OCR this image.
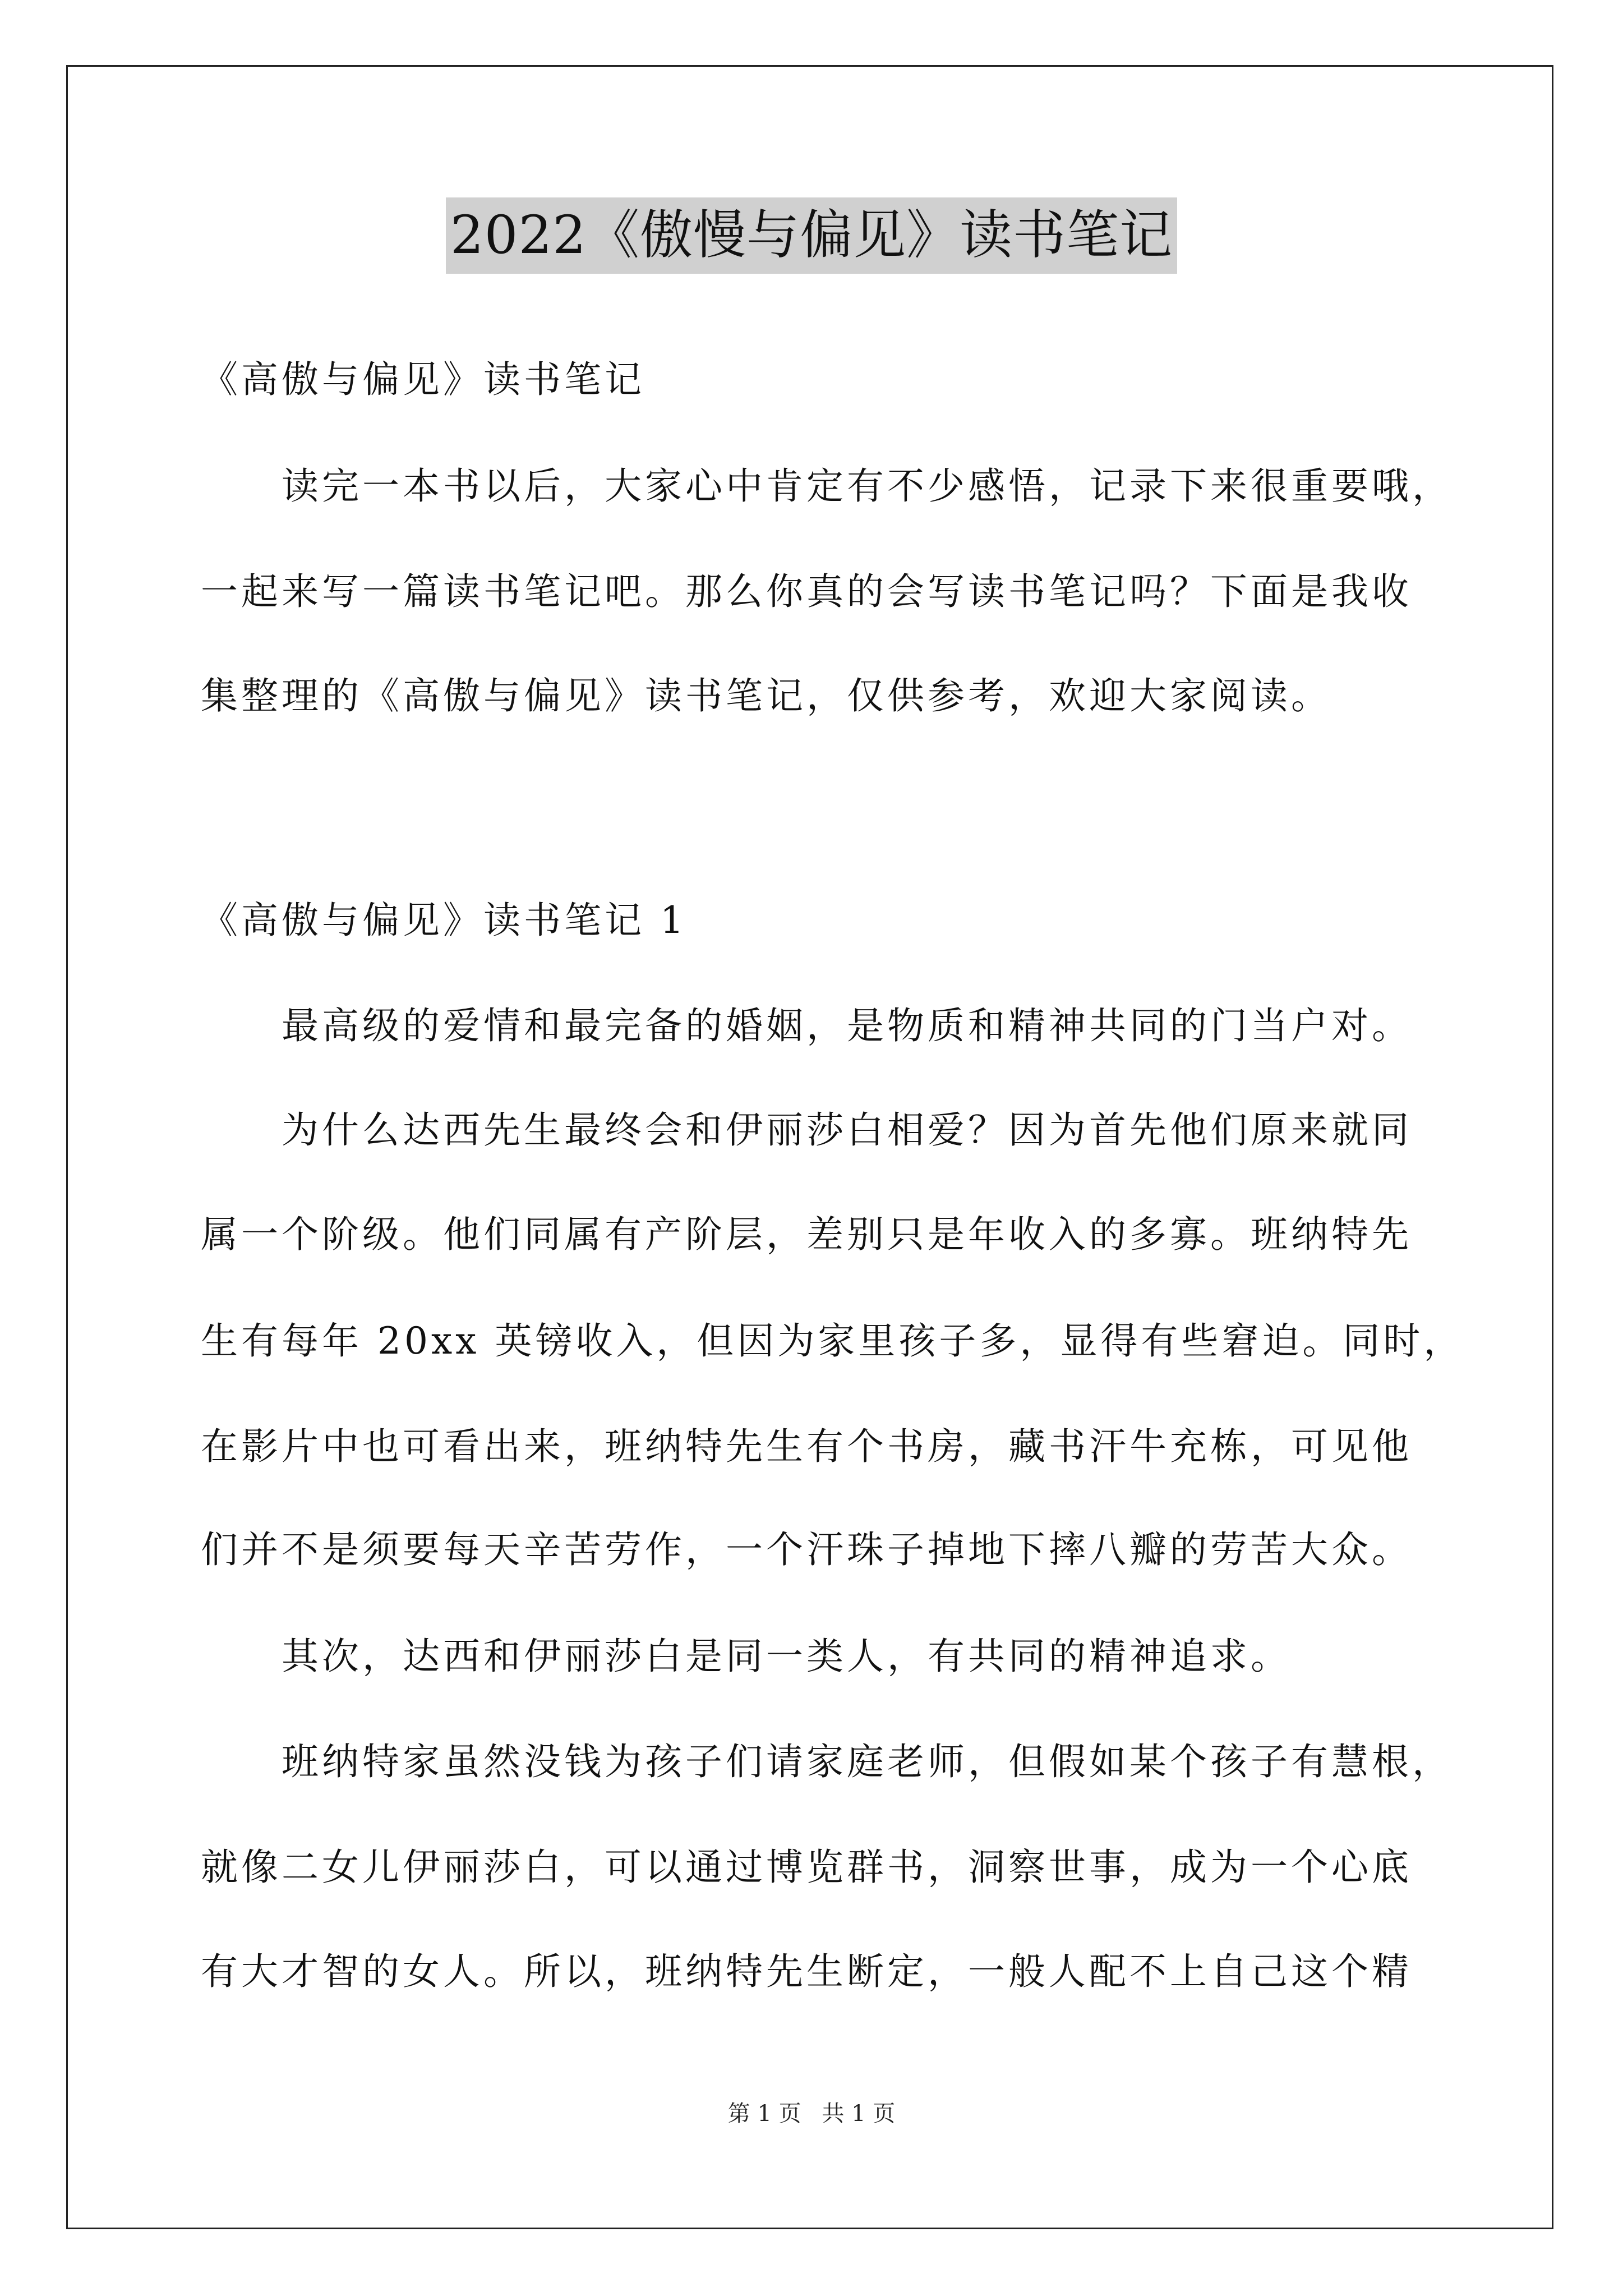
2022《傲慢与偏见》读书笔记
《高傲与偏见》读书笔记
读完一本书以后，大家心中肯定有不少感悟，记录下来很重要哦，
一起来写一篇读书笔记吧。那么你真的会写读书笔记吗？下面是我收
集整理的《高傲与偏见》读书笔记，仅供参考，欢迎大家阅读。
《高傲与偏见》读书笔记 1
最高级的爱情和最完备的婚姻，是物质和精神共同的门当户对。
为什么达西先生最终会和伊丽莎白相爱？因为首先他们原来就同
属一个阶级。他们同属有产阶层，差别只是年收入的多寡。班纳特先
生有每年 20xx 英镑收入，但因为家里孩子多，显得有些窘迫。同时，
在影片中也可看出来，班纳特先生有个书房，藏书汗牛充栋，可见他
们并不是须要每天辛苦劳作，一个汗珠子掉地下摔八瓣的劳苦大众。
其次，达西和伊丽莎白是同一类人，有共同的精神追求。
班纳特家虽然没钱为孩子们请家庭老师，但假如某个孩子有慧根，
就像二女儿伊丽莎白，可以通过博览群书，洞察世事，成为一个心底
有大才智的女人。所以，班纳特先生断定，一般人配不上自己这个精
第 1 页 共 1 页
